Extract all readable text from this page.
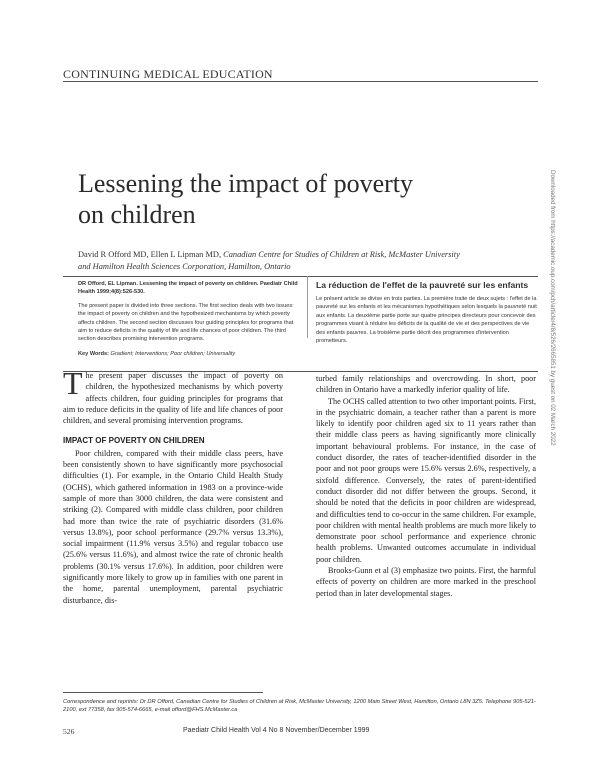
CONTINUING MEDICAL EDUCATION
Lessening the impact of poverty
on children
David R Offord MD, Ellen L Lipman MD, Canadian Centre for Studies of Children at Risk, McMaster University
and Hamilton Health Sciences Corporation, Hamilton, Ontario
DR Offord, EL Lipman. Lessening the impact of poverty on children. Paediatr Child Health 1999;4(8):526-530.
The present paper is divided into three sections. The first section deals with two issues: the impact of poverty on children and the hypothesized mechanisms by which poverty affects children. The second section discusses four guiding principles for programs that aim to reduce deficits in the quality of life and life chances of poor children. The third section describes promising intervention programs.
Key Words: Gradient; Interventions; Poor children; Universality
La réduction de l'effet de la pauvreté sur les enfants
Le présent article se divise en trois parties. La première traite de deux sujets : l'effet de la pauvreté sur les enfants et les mécanismes hypothétiques selon lesquels la pauvreté nuit aux enfants. La deuxième partie porte sur quatre principes directeurs pour concevoir des programmes visant à réduire les déficits de la qualité de vie et des perspectives de vie des enfants pauvres. La troisième partie décrit des programmes d'intervention prometteurs.

T he present paper discusses the impact of poverty on children, the hypothesized mechanisms by which poverty affects children, four guiding principles for programs that aim to reduce deficits in the quality of life and life chances of poor children, and several promising intervention programs.

IMPACT OF POVERTY ON CHILDREN

Poor children, compared with their middle class peers, have been consistently shown to have significantly more psychosocial difficulties (1). For example, in the Ontario Child Health Study (OCHS), which gathered information in 1983 on a province-wide sample of more than 3000 children, the data were consistent and striking (2). Compared with middle class children, poor children had more than twice the rate of psychiatric disorders (31.6% versus 13.8%), poor school performance (29.7% versus 13.3%), social impairment (11.9% versus 3.5%) and regular tobacco use (25.6% versus 11.6%), and almost twice the rate of chronic health problems (30.1% versus 17.6%). In addition, poor children were significantly more likely to grow up in families with one parent in the home, parental unemployment, parental psychiatric disturbance, dis-

turbed family relationships and overcrowding. In short, poor children in Ontario have a markedly inferior quality of life.

The OCHS called attention to two other important points. First, in the psychiatric domain, a teacher rather than a parent is more likely to identify poor children aged six to 11 years rather than their middle class peers as having significantly more clinically important behavioural problems. For instance, in the case of conduct disorder, the rates of teacher-identified disorder in the poor and not poor groups were 15.6% versus 2.6%, respectively, a sixfold difference. Conversely, the rates of parent-identified conduct disorder did not differ between the groups. Second, it should be noted that the deficits in poor children are widespread, and difficulties tend to co-occur in the same children. For example, poor children with mental health problems are much more likely to demonstrate poor school performance and experience chronic health problems. Unwanted outcomes accumulate in individual poor children.

Brooks-Gunn et al (3) emphasize two points. First, the harmful effects of poverty on children are more marked in the preschool period than in later developmental stages.

Correspondence and reprints: Dr DR Offord, Canadian Centre for Studies of Children at Risk, McMaster University, 1200 Main Street West, Hamilton, Ontario L8N 3Z5. Telephone 905-521-2100, ext 77358, fax 905-574-6665, e-mail offord@FHS.McMaster.ca
526	Paediatr Child Health Vol 4 No 8 November/December 1999
Downloaded from https://academic.oup.com/pch/article/4/8/526/2665851 by guest on 02 March 2022
